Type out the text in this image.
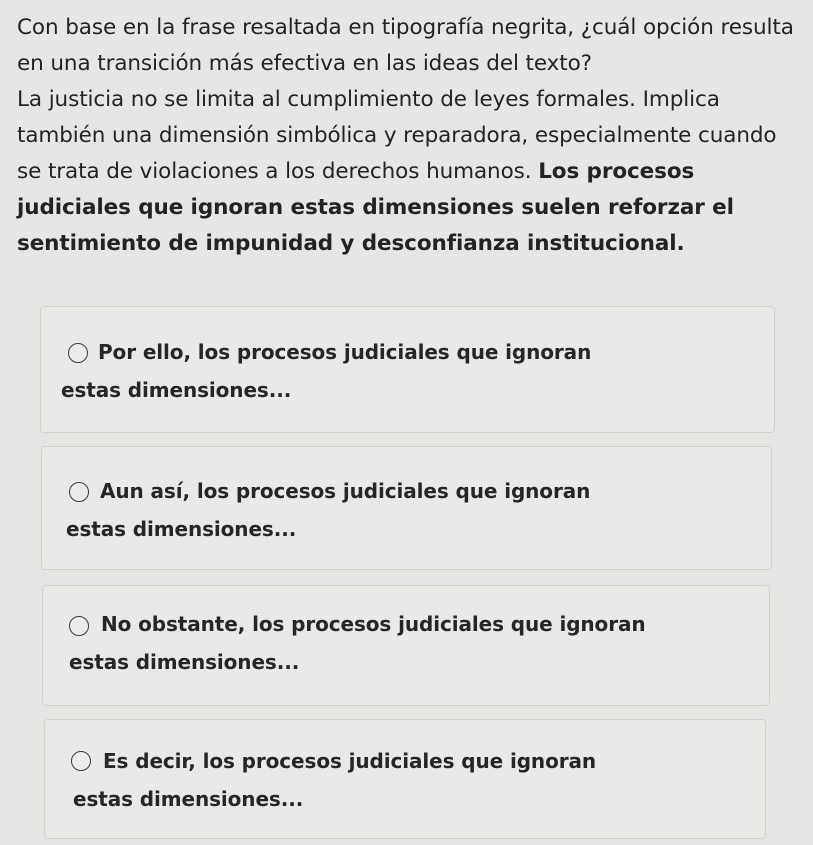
Con base en la frase resaltada en tipografía negrita, ¿cuál opción resulta en una transición más efectiva en las ideas del texto?

La justicia no se limita al cumplimiento de leyes formales. Implica también una dimensión simbólica y reparadora, especialmente cuando se trata de violaciones a los derechos humanos. Los procesos judiciales que ignoran estas dimensiones suelen reforzar el sentimiento de impunidad y desconfianza institucional.

Por ello, los procesos judiciales que ignoran estas dimensiones...
Aun así, los procesos judiciales que ignoran estas dimensiones...
No obstante, los procesos judiciales que ignoran estas dimensiones...
Es decir, los procesos judiciales que ignoran estas dimensiones...
